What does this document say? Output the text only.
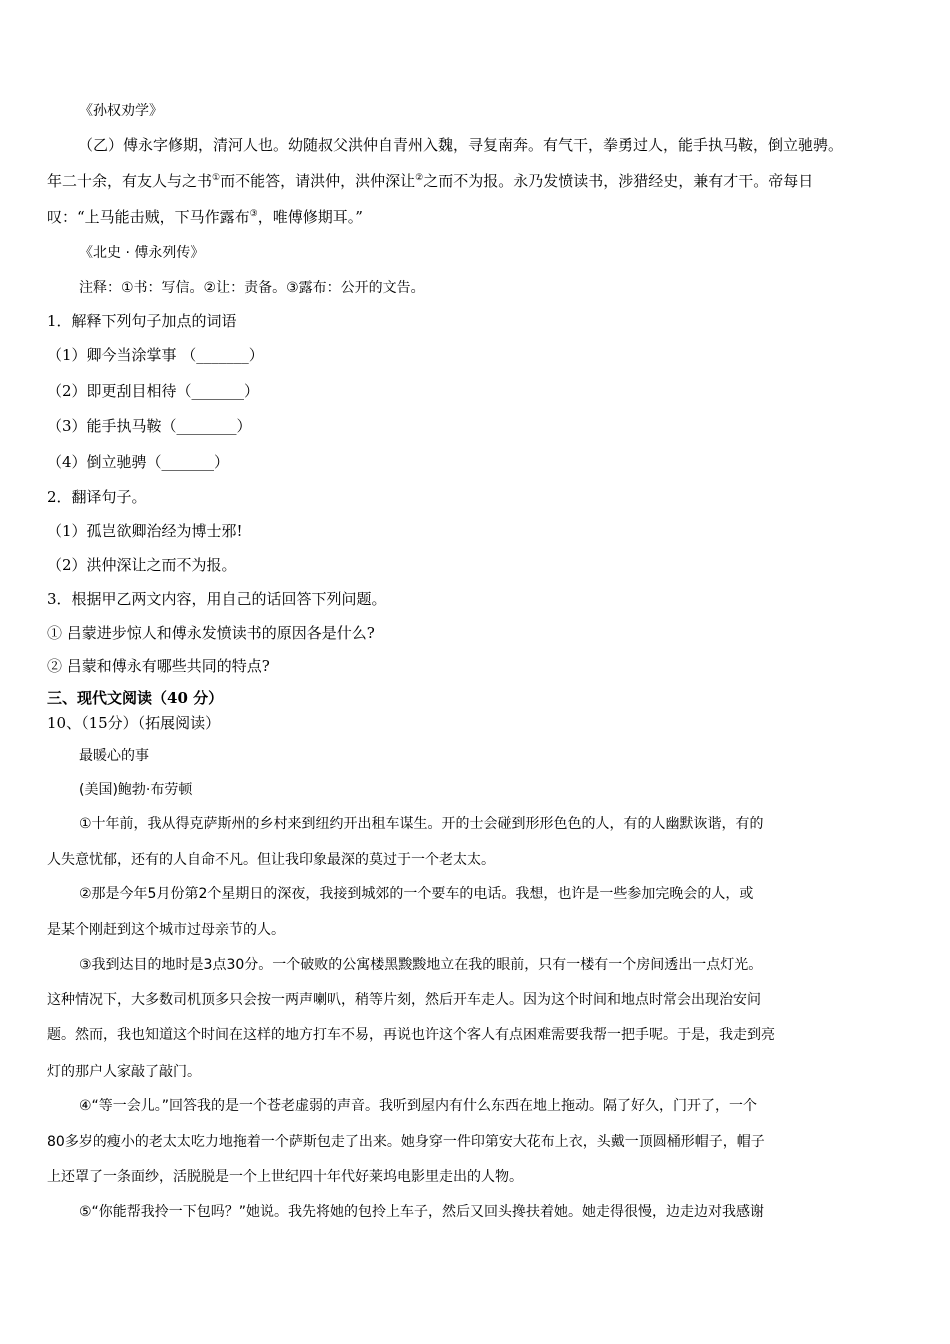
《孙权劝学》
（乙）傅永字修期，清河人也。幼随叔父洪仲自青州入魏，寻复南奔。有气干，拳勇过人，能手执马鞍，倒立驰骋。
年二十余，有友人与之书①而不能答，请洪仲，洪仲深让②之而不为报。永乃发愤读书，涉猎经史，兼有才干。帝每日
叹：“上马能击贼，下马作露布③，唯傅修期耳。”
《北史 · 傅永列传》
注释：①书：写信。②让：责备。③露布：公开的文告。
1．解释下列句子加点的词语
（1）卿今当涂掌事 （_______）
（2）即更刮目相待（_______）
（3）能手执马鞍（________）
（4）倒立驰骋（_______）
2．翻译句子。
（1）孤岂欲卿治经为博士邪!
（2）洪仲深让之而不为报。
3．根据甲乙两文内容，用自己的话回答下列问题。
① 吕蒙进步惊人和傅永发愤读书的原因各是什么?
② 吕蒙和傅永有哪些共同的特点?
三、现代文阅读（40 分）
10、（15分）（拓展阅读）
最暖心的事
(美国)鲍勃·布劳顿
①十年前，我从得克萨斯州的乡村来到纽约开出租车谋生。开的士会碰到形形色色的人，有的人幽默诙谐，有的
人失意忧郁，还有的人自命不凡。但让我印象最深的莫过于一个老太太。
②那是今年5月份第2个星期日的深夜，我接到城郊的一个要车的电话。我想，也许是一些参加完晚会的人，或
是某个刚赶到这个城市过母亲节的人。
③我到达目的地时是3点30分。一个破败的公寓楼黑黢黢地立在我的眼前，只有一楼有一个房间透出一点灯光。
这种情况下，大多数司机顶多只会按一两声喇叭，稍等片刻，然后开车走人。因为这个时间和地点时常会出现治安问
题。然而，我也知道这个时间在这样的地方打车不易，再说也许这个客人有点困难需要我帮一把手呢。于是，我走到亮
灯的那户人家敲了敲门。
④“等一会儿。”回答我的是一个苍老虚弱的声音。我听到屋内有什么东西在地上拖动。隔了好久，门开了，一个
80多岁的瘦小的老太太吃力地拖着一个萨斯包走了出来。她身穿一件印第安大花布上衣，头戴一顶圆桶形帽子，帽子
上还罩了一条面纱，活脱脱是一个上世纪四十年代好莱坞电影里走出的人物。
⑤“你能帮我拎一下包吗？”她说。我先将她的包拎上车子，然后又回头搀扶着她。她走得很慢，边走边对我感谢
